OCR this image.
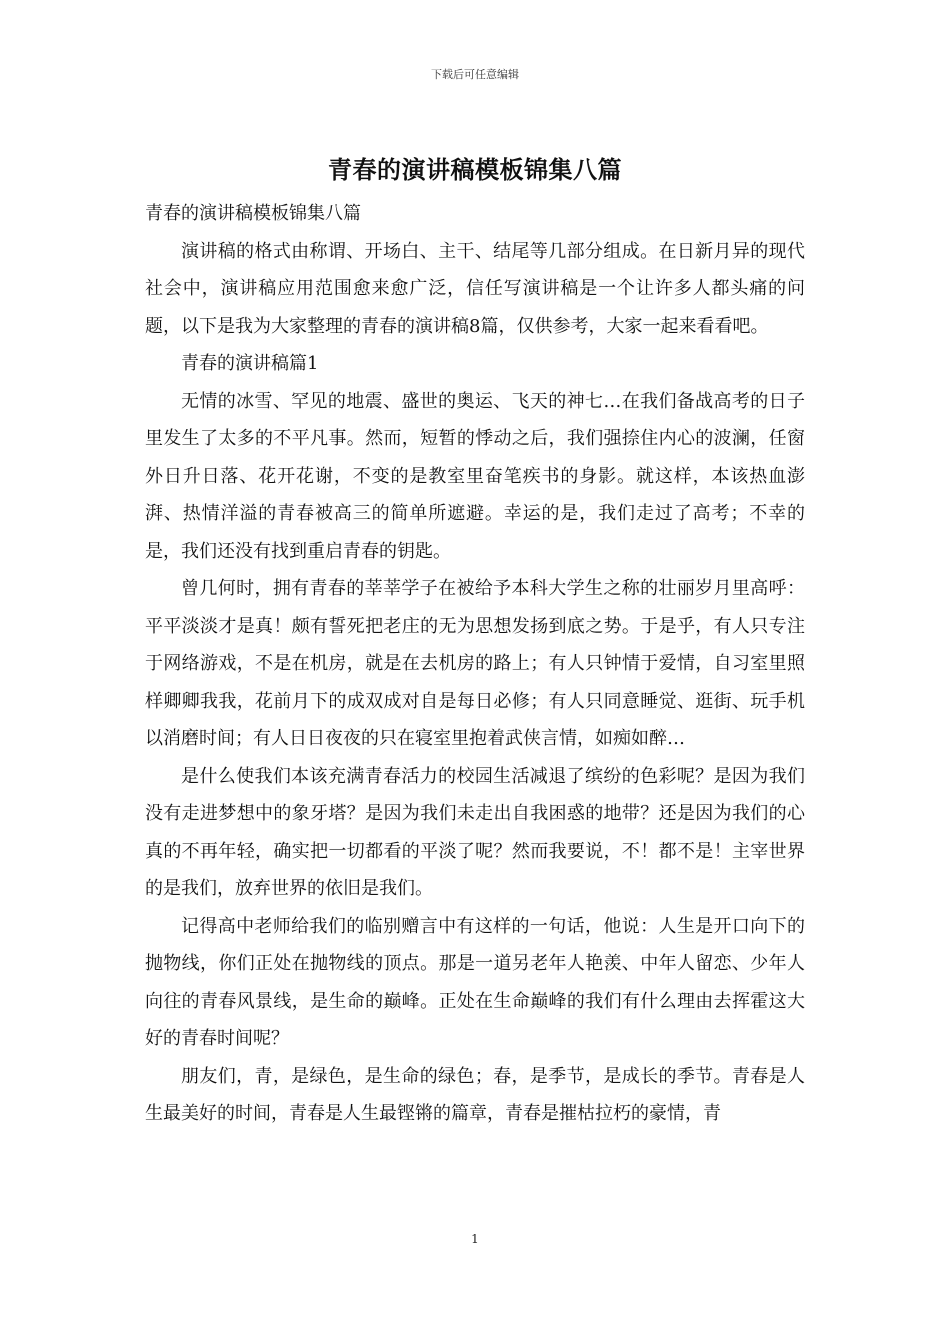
下载后可任意编辑
青春的演讲稿模板锦集八篇

青春的演讲稿模板锦集八篇

演讲稿的格式由称谓、开场白、主干、结尾等几部分组成。在日新月异的现代社会中，演讲稿应用范围愈来愈广泛，信任写演讲稿是一个让许多人都头痛的问题，以下是我为大家整理的青春的演讲稿8篇，仅供参考，大家一起来看看吧。

青春的演讲稿篇1

无情的冰雪、罕见的地震、盛世的奥运、飞天的神七…在我们备战高考的日子里发生了太多的不平凡事。然而，短暂的悸动之后，我们强捺住内心的波澜，任窗外日升日落、花开花谢，不变的是教室里奋笔疾书的身影。就这样，本该热血澎湃、热情洋溢的青春被高三的简单所遮避。幸运的是，我们走过了高考；不幸的是，我们还没有找到重启青春的钥匙。

曾几何时，拥有青春的莘莘学子在被给予本科大学生之称的壮丽岁月里高呼：平平淡淡才是真！颇有誓死把老庄的无为思想发扬到底之势。于是乎，有人只专注于网络游戏，不是在机房，就是在去机房的路上；有人只钟情于爱情，自习室里照样卿卿我我，花前月下的成双成对自是每日必修；有人只同意睡觉、逛街、玩手机以消磨时间；有人日日夜夜的只在寝室里抱着武侠言情，如痴如醉…

是什么使我们本该充满青春活力的校园生活减退了缤纷的色彩呢？是因为我们没有走进梦想中的象牙塔？是因为我们未走出自我困惑的地带？还是因为我们的心真的不再年轻，确实把一切都看的平淡了呢？然而我要说，不！都不是！主宰世界的是我们，放弃世界的依旧是我们。

记得高中老师给我们的临别赠言中有这样的一句话，他说：人生是开口向下的抛物线，你们正处在抛物线的顶点。那是一道另老年人艳羡、中年人留恋、少年人向往的青春风景线，是生命的巅峰。正处在生命巅峰的我们有什么理由去挥霍这大好的青春时间呢？

朋友们，青，是绿色，是生命的绿色；春，是季节，是成长的季节。青春是人生最美好的时间，青春是人生最铿锵的篇章，青春是摧枯拉朽的豪情，青

1
